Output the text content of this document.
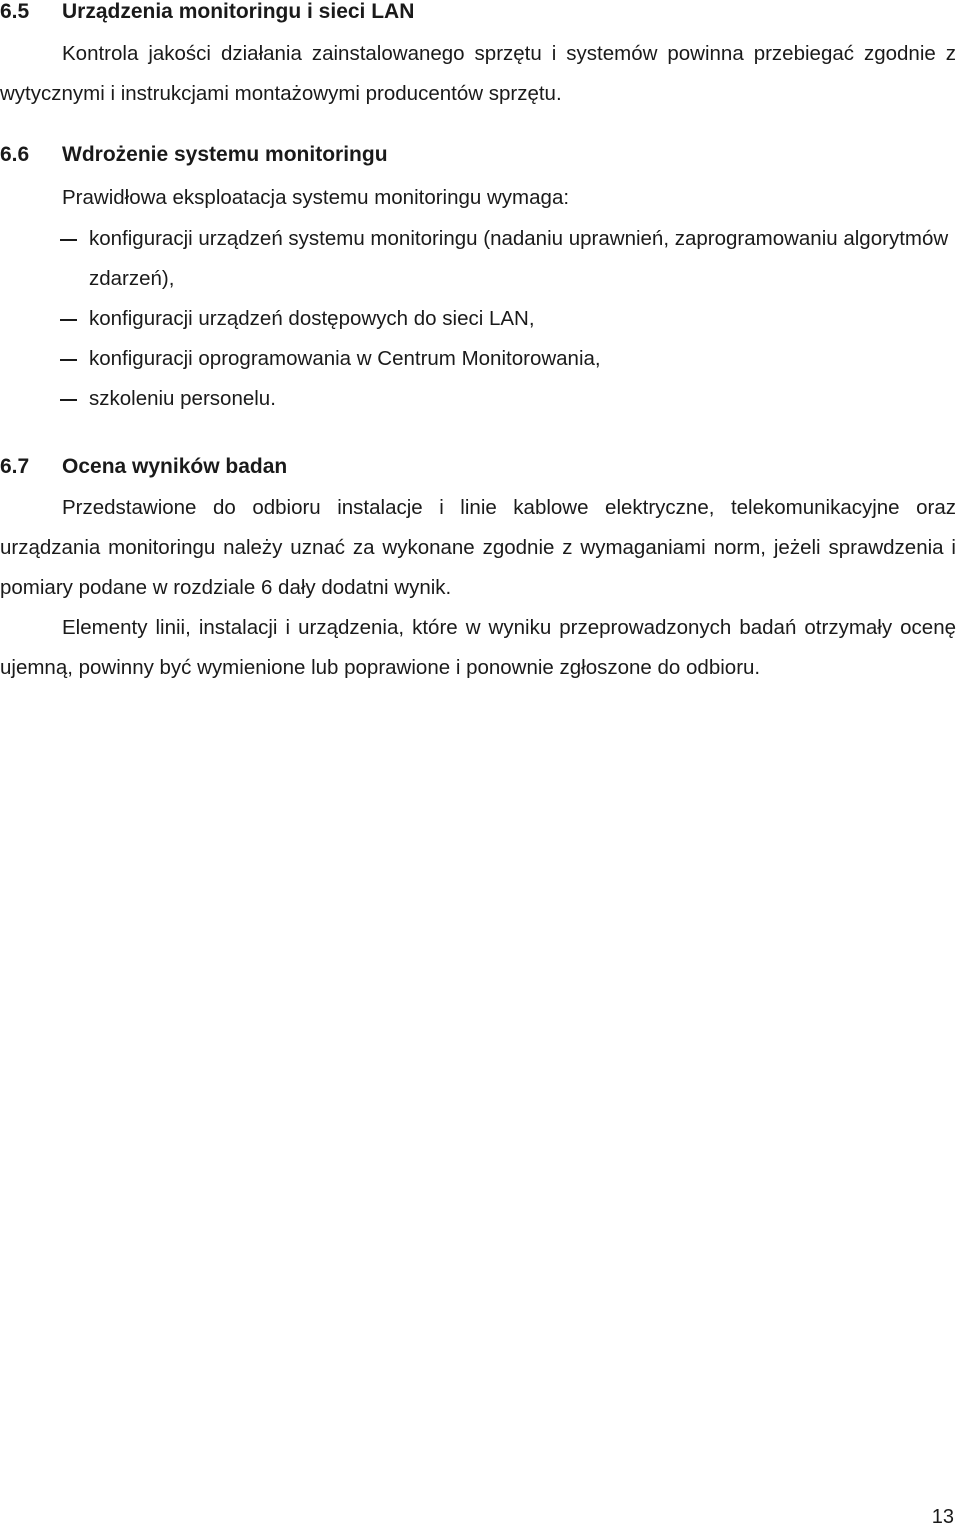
6.5 Urządzenia monitoringu i sieci LAN

Kontrola jakości działania zainstalowanego sprzętu i systemów powinna przebiegać zgodnie z wytycznymi i instrukcjami montażowymi producentów sprzętu.

6.6 Wdrożenie systemu monitoringu

Prawidłowa eksploatacja systemu monitoringu wymaga:

konfiguracji urządzeń systemu monitoringu (nadaniu uprawnień, zaprogramowaniu algorytmów zdarzeń),
konfiguracji urządzeń dostępowych do sieci LAN,
konfiguracji oprogramowania w Centrum Monitorowania,
szkoleniu personelu.
6.7 Ocena wyników badan

Przedstawione do odbioru instalacje i linie kablowe elektryczne, telekomunikacyjne oraz urządzania monitoringu należy uznać za wykonane zgodnie z wymaganiami norm, jeżeli sprawdzenia i pomiary podane w rozdziale 6 dały dodatni wynik.

Elementy linii, instalacji i urządzenia, które w wyniku przeprowadzonych badań otrzymały ocenę ujemną, powinny być wymienione lub poprawione i ponownie zgłoszone do odbioru.

13
